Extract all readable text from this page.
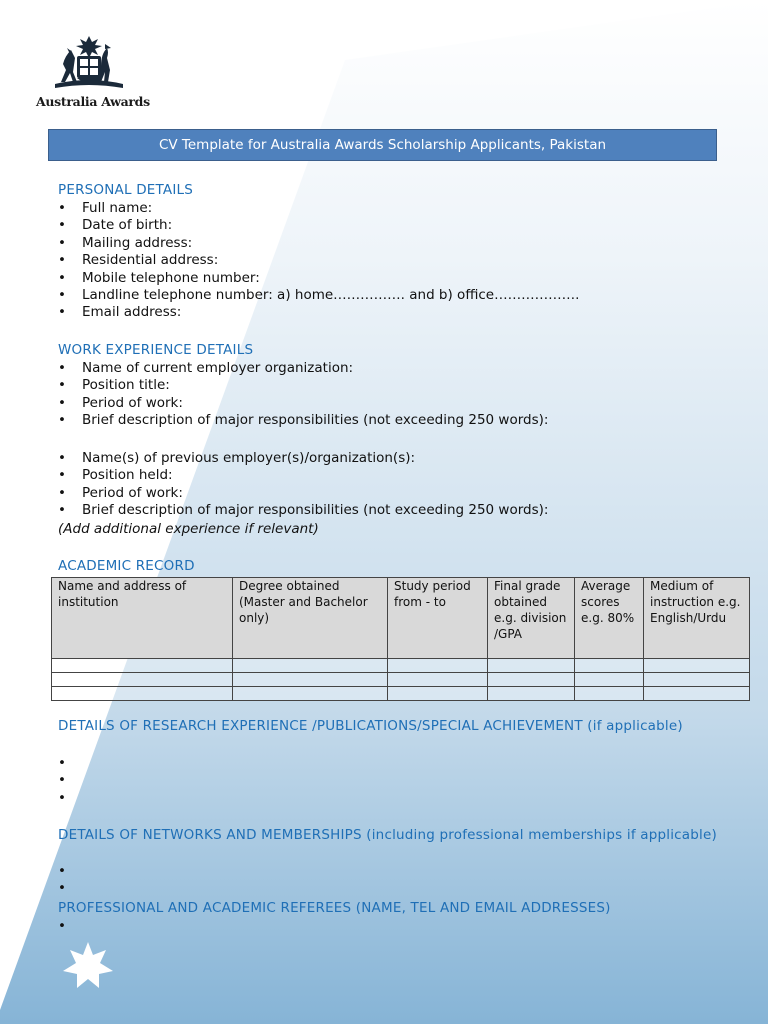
Australia Awards
CV Template for Australia Awards Scholarship Applicants, Pakistan
PERSONAL DETAILS
• Full name:
• Date of birth:
• Mailing address:
• Residential address:
• Mobile telephone number:
• Landline telephone number: a) home……………. and b) office……………….
• Email address:
WORK EXPERIENCE DETAILS
• Name of current employer organization:
• Position title:
• Period of work:
• Brief description of major responsibilities (not exceeding 250 words):
• Name(s) of previous employer(s)/organization(s):
• Position held:
• Period of work:
• Brief description of major responsibilities (not exceeding 250 words):
(Add additional experience if relevant)
ACADEMIC RECORD
Name and address of institution	Degree obtained (Master and Bachelor only)	Study period from - to	Final grade obtained e.g. division /GPA	Average scores e.g. 80%	Medium of instruction e.g. English/Urdu

DETAILS OF RESEARCH EXPERIENCE /PUBLICATIONS/SPECIAL ACHIEVEMENT (if applicable)
•
•
•
DETAILS OF NETWORKS AND MEMBERSHIPS (including professional memberships if applicable)
•
•
PROFESSIONAL AND ACADEMIC REFEREES (NAME, TEL AND EMAIL ADDRESSES)
•
